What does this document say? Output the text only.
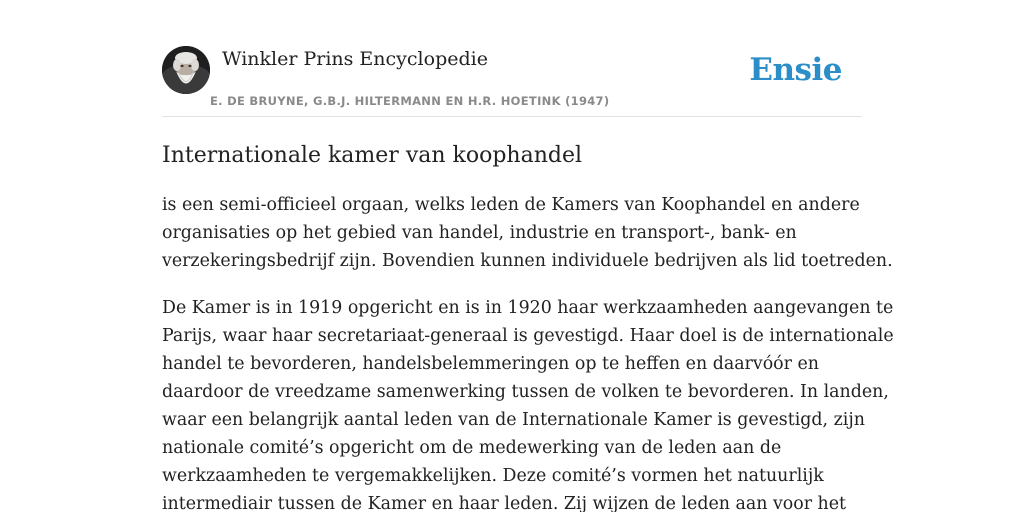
Winkler Prins Encyclopedie
E. DE BRUYNE, G.B.J. HILTERMANN EN H.R. HOETINK (1947)
Ensie
Internationale kamer van koophandel

is een semi-officieel orgaan, welks leden de Kamers van Koophandel en andere
organisaties op het gebied van handel, industrie en transport-, bank- en
verzekeringsbedrijf zijn. Bovendien kunnen individuele bedrijven als lid toetreden.

De Kamer is in 1919 opgericht en is in 1920 haar werkzaamheden aangevangen te
Parijs, waar haar secretariaat-generaal is gevestigd. Haar doel is de internationale
handel te bevorderen, handelsbelemmeringen op te heffen en daarvóór en
daardoor de vreedzame samenwerking tussen de volken te bevorderen. In landen,
waar een belangrijk aantal leden van de Internationale Kamer is gevestigd, zijn
nationale comité’s opgericht om de medewerking van de leden aan de
werkzaamheden te vergemakkelijken. Deze comité’s vormen het natuurlijk
intermediair tussen de Kamer en haar leden. Zij wijzen de leden aan voor het
